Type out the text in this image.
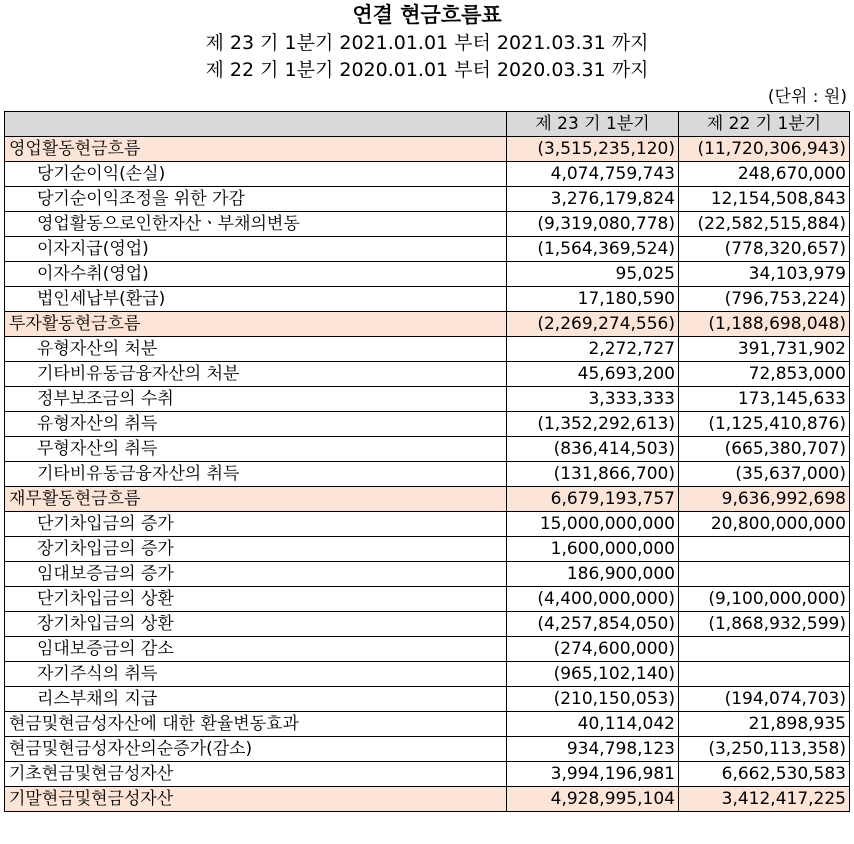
연결 현금흐름표
제 23 기 1분기 2021.01.01 부터 2021.03.31 까지
제 22 기 1분기 2020.01.01 부터 2020.03.31 까지
(단위 : 원)
	제 23 기 1분기	제 22 기 1분기
영업활동현금흐름	(3,515,235,120)	(11,720,306,943)
당기순이익(손실)	4,074,759,743	248,670,000
당기순이익조정을 위한 가감	3,276,179,824	12,154,508,843
영업활동으로인한자산ㆍ부채의변동	(9,319,080,778)	(22,582,515,884)
이자지급(영업)	(1,564,369,524)	(778,320,657)
이자수취(영업)	95,025	34,103,979
법인세납부(환급)	17,180,590	(796,753,224)
투자활동현금흐름	(2,269,274,556)	(1,188,698,048)
유형자산의 처분	2,272,727	391,731,902
기타비유동금융자산의 처분	45,693,200	72,853,000
정부보조금의 수취	3,333,333	173,145,633
유형자산의 취득	(1,352,292,613)	(1,125,410,876)
무형자산의 취득	(836,414,503)	(665,380,707)
기타비유동금융자산의 취득	(131,866,700)	(35,637,000)
재무활동현금흐름	6,679,193,757	9,636,992,698
단기차입금의 증가	15,000,000,000	20,800,000,000
장기차입금의 증가	1,600,000,000	
임대보증금의 증가	186,900,000	
단기차입금의 상환	(4,400,000,000)	(9,100,000,000)
장기차입금의 상환	(4,257,854,050)	(1,868,932,599)
임대보증금의 감소	(274,600,000)	
자기주식의 취득	(965,102,140)	
리스부채의 지급	(210,150,053)	(194,074,703)
현금및현금성자산에 대한 환율변동효과	40,114,042	21,898,935
현금및현금성자산의순증가(감소)	934,798,123	(3,250,113,358)
기초현금및현금성자산	3,994,196,981	6,662,530,583
기말현금및현금성자산	4,928,995,104	3,412,417,225
